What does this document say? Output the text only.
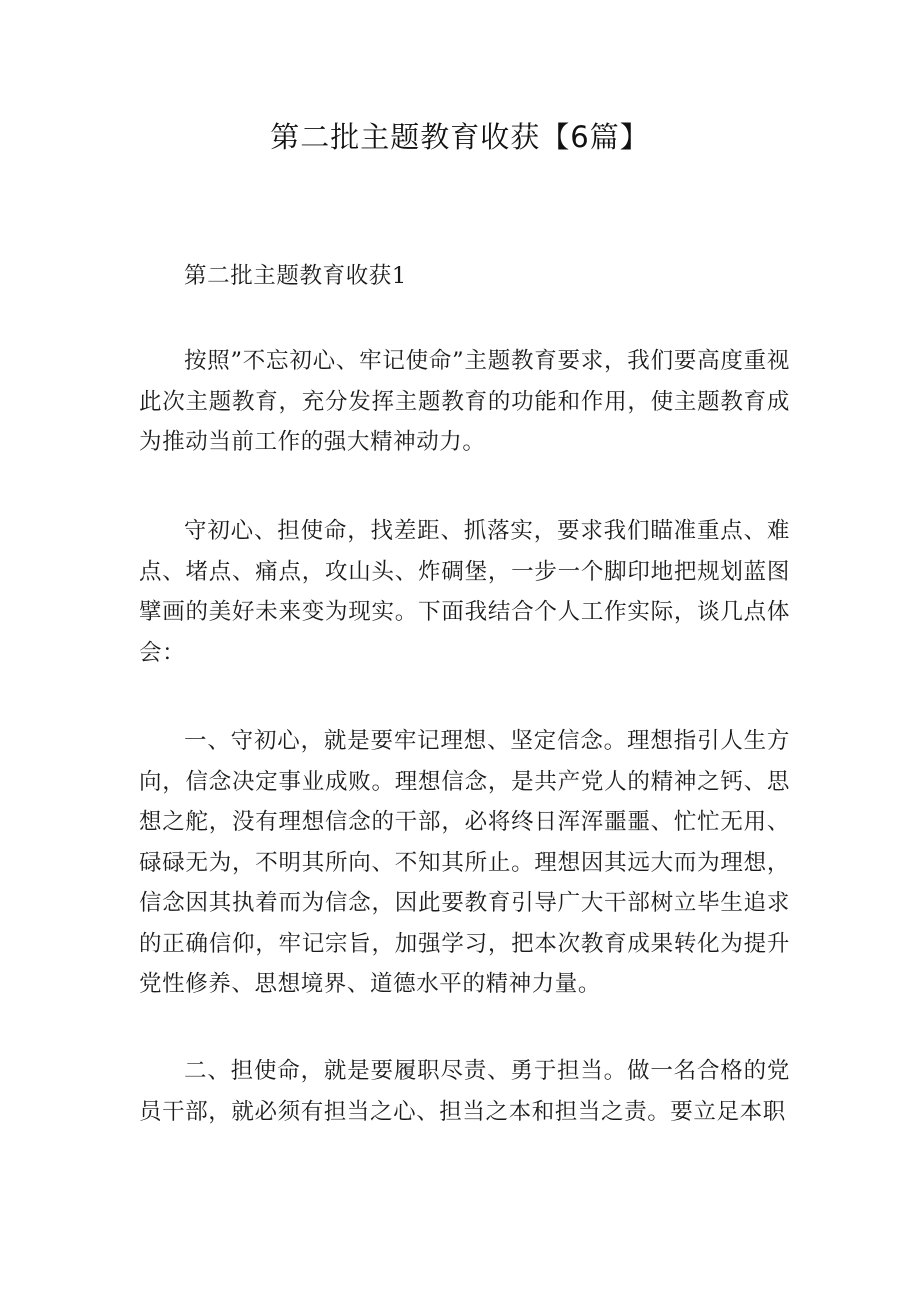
第二批主题教育收获【6篇】

第二批主题教育收获1

按照”不忘初心、牢记使命”主题教育要求，我们要高度重视此次主题教育，充分发挥主题教育的功能和作用，使主题教育成为推动当前工作的强大精神动力。

守初心、担使命，找差距、抓落实，要求我们瞄准重点、难点、堵点、痛点，攻山头、炸碉堡，一步一个脚印地把规划蓝图擘画的美好未来变为现实。下面我结合个人工作实际，谈几点体会：

一、守初心，就是要牢记理想、坚定信念。理想指引人生方向，信念决定事业成败。理想信念，是共产党人的精神之钙、思想之舵，没有理想信念的干部，必将终日浑浑噩噩、忙忙无用、碌碌无为，不明其所向、不知其所止。理想因其远大而为理想，信念因其执着而为信念，因此要教育引导广大干部树立毕生追求的正确信仰，牢记宗旨，加强学习，把本次教育成果转化为提升党性修养、思想境界、道德水平的精神力量。

二、担使命，就是要履职尽责、勇于担当。做一名合格的党员干部，就必须有担当之心、担当之本和担当之责。要立足本职
